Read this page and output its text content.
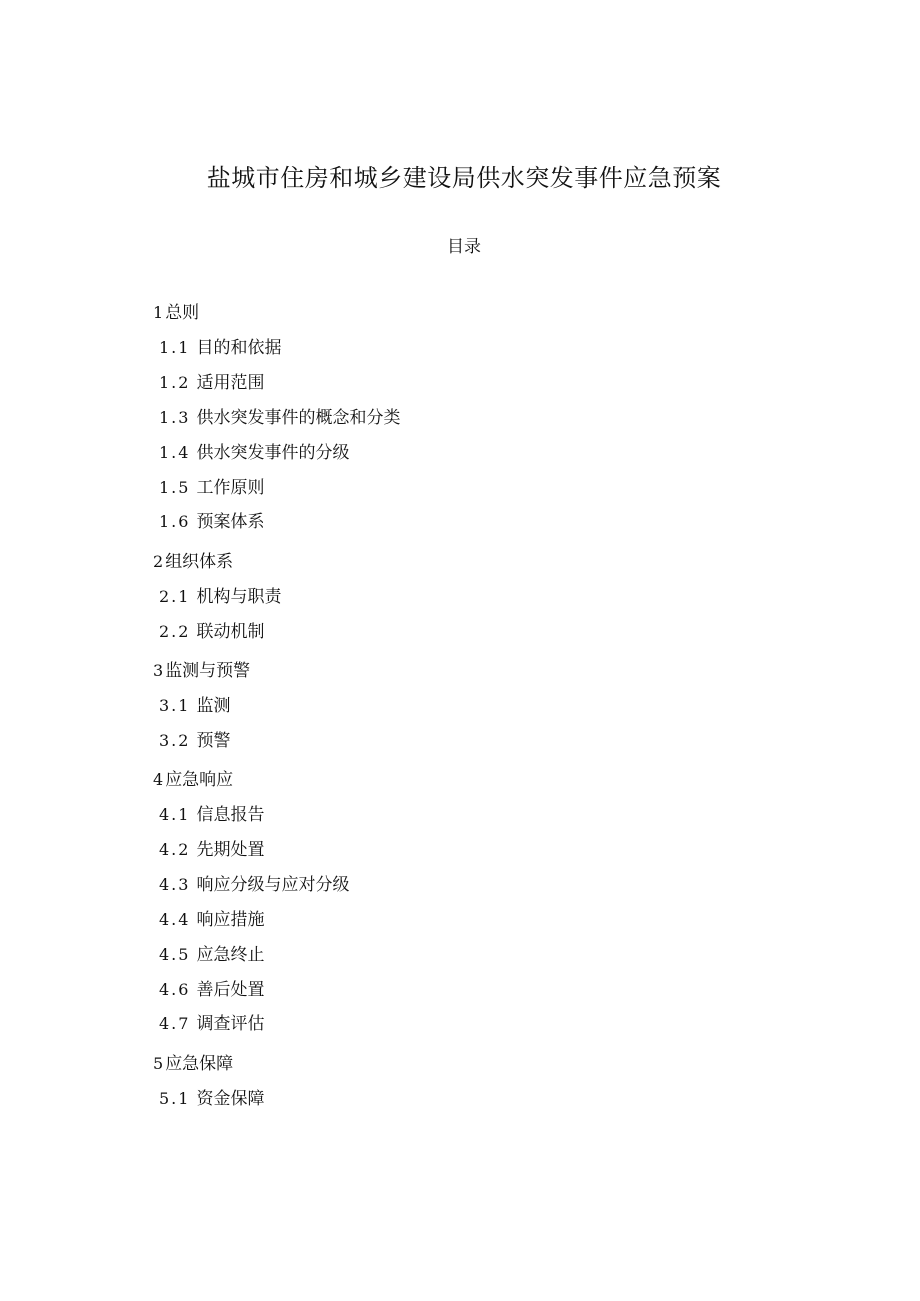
盐城市住房和城乡建设局供水突发事件应急预案
目录
1总则
1.1 目的和依据
1.2 适用范围
1.3 供水突发事件的概念和分类
1.4 供水突发事件的分级
1.5 工作原则
1.6 预案体系
2组织体系
2.1 机构与职责
2.2 联动机制
3监测与预警
3.1 监测
3.2 预警
4应急响应
4.1 信息报告
4.2 先期处置
4.3 响应分级与应对分级
4.4 响应措施
4.5 应急终止
4.6 善后处置
4.7 调查评估
5应急保障
5.1 资金保障
